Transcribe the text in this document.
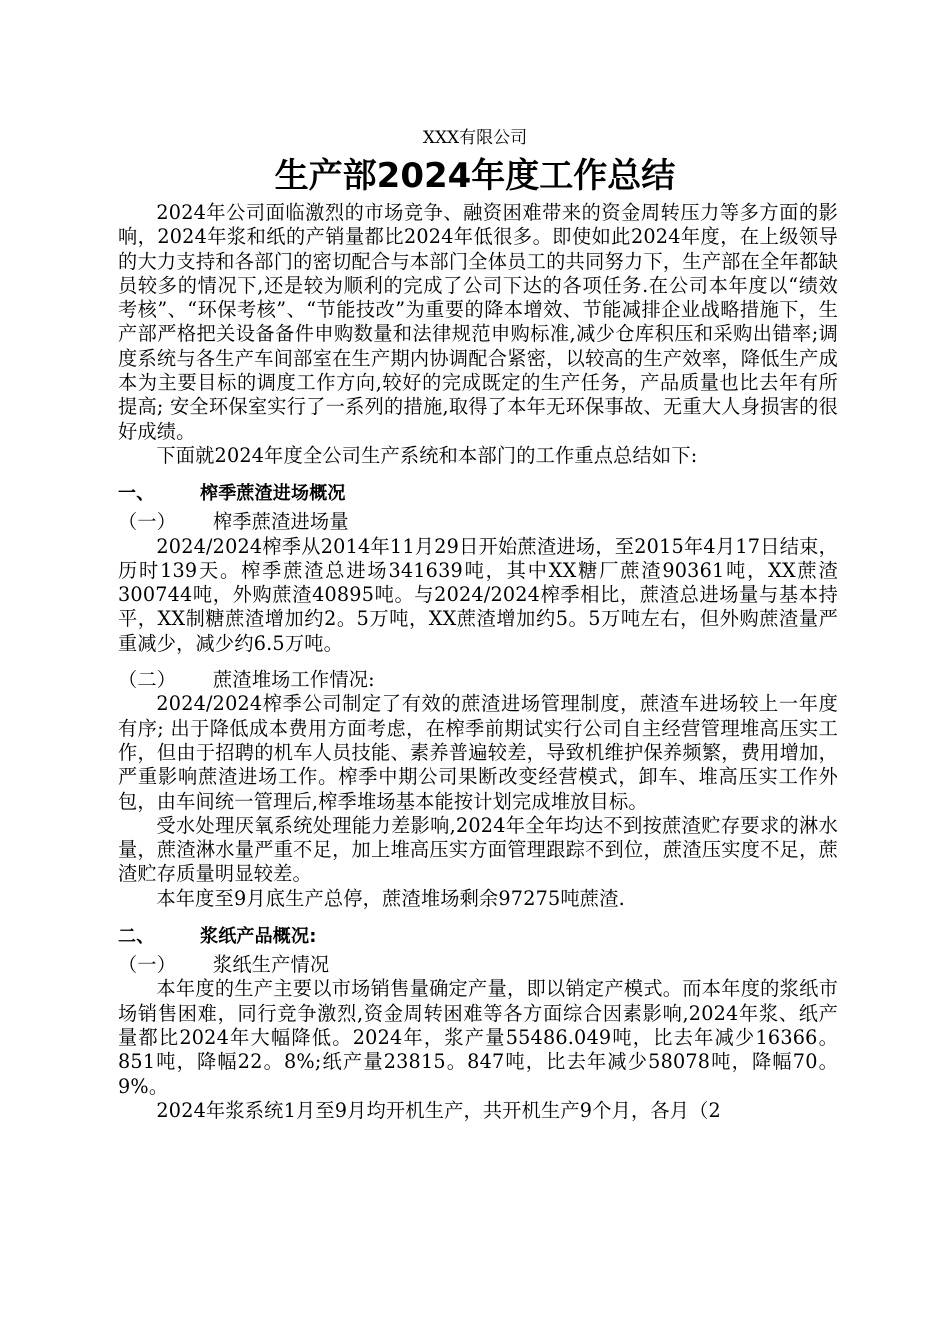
XXX有限公司
生产部2024年度工作总结

2024年公司面临激烈的市场竞争、融资困难带来的资金周转压力等多方面的影响，2024年浆和纸的产销量都比2024年低很多。即使如此2024年度，在上级领导的大力支持和各部门的密切配合与本部门全体员工的共同努力下，生产部在全年都缺员较多的情况下,还是较为顺利的完成了公司下达的各项任务.在公司本年度以“绩效考核”、“环保考核”、“节能技改”为重要的降本增效、节能减排企业战略措施下，生产部严格把关设备备件申购数量和法律规范申购标准,减少仓库积压和采购出错率;调度系统与各生产车间部室在生产期内协调配合紧密，以较高的生产效率，降低生产成本为主要目标的调度工作方向,较好的完成既定的生产任务，产品质量也比去年有所提高; 安全环保室实行了一系列的措施,取得了本年无环保事故、无重大人身损害的很好成绩。

下面就2024年度全公司生产系统和本部门的工作重点总结如下:

一、	榨季蔗渣进场概况

（一） 榨季蔗渣进场量

2024/2024榨季从2014年11月29日开始蔗渣进场，至2015年4月17日结束，历时139天。榨季蔗渣总进场341639吨，其中XX糖厂蔗渣90361吨，XX蔗渣300744吨，外购蔗渣40895吨。与2024/2024榨季相比，蔗渣总进场量与基本持平，XX制糖蔗渣增加约2。5万吨，XX蔗渣增加约5。5万吨左右，但外购蔗渣量严重减少，减少约6.5万吨。

（二） 蔗渣堆场工作情况:

2024/2024榨季公司制定了有效的蔗渣进场管理制度，蔗渣车进场较上一年度有序; 出于降低成本费用方面考虑，在榨季前期试实行公司自主经营管理堆高压实工作，但由于招聘的机车人员技能、素养普遍较差，导致机维护保养频繁，费用增加，严重影响蔗渣进场工作。榨季中期公司果断改变经营模式，卸车、堆高压实工作外包，由车间统一管理后,榨季堆场基本能按计划完成堆放目标。

受水处理厌氧系统处理能力差影响,2024年全年均达不到按蔗渣贮存要求的淋水量，蔗渣淋水量严重不足，加上堆高压实方面管理跟踪不到位，蔗渣压实度不足，蔗渣贮存质量明显较差。

本年度至9月底生产总停，蔗渣堆场剩余97275吨蔗渣.

二、	浆纸产品概况:

（一） 浆纸生产情况

本年度的生产主要以市场销售量确定产量，即以销定产模式。而本年度的浆纸市场销售困难，同行竞争激烈,资金周转困难等各方面综合因素影响,2024年浆、纸产量都比2024年大幅降低。2024年，浆产量55486.049吨，比去年减少16366。851吨，降幅22。8%;纸产量23815。847吨，比去年减少58078吨，降幅70。9%。

2024年浆系统1月至9月均开机生产，共开机生产9个月，各月（2
